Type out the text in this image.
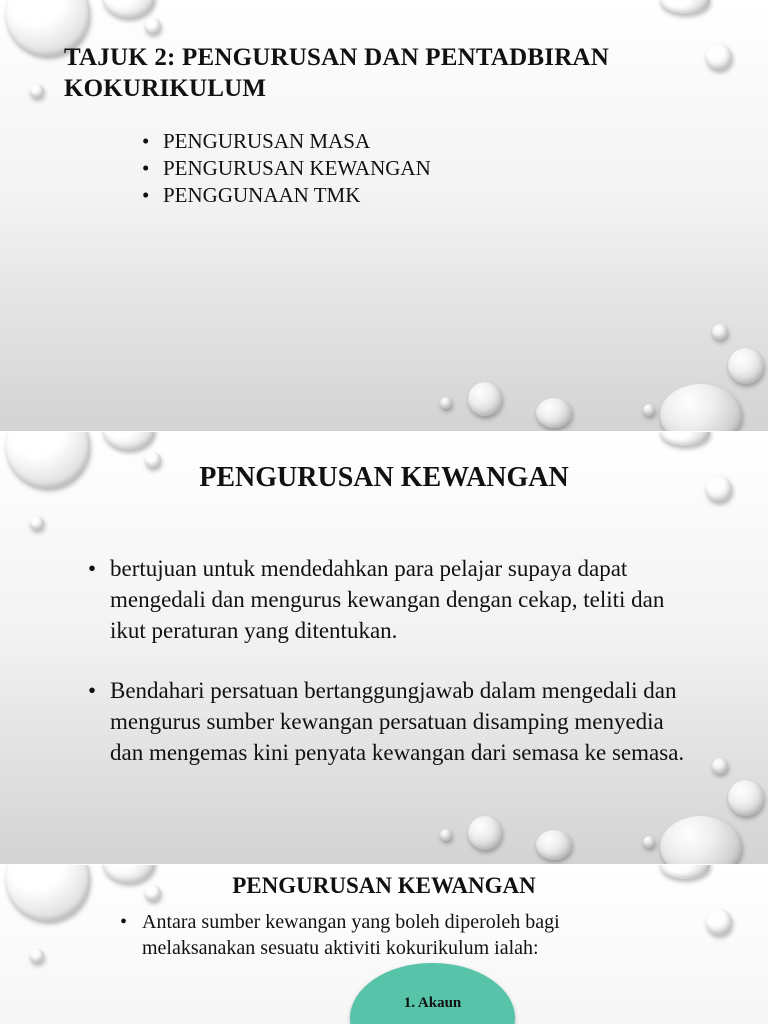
TAJUK 2: PENGURUSAN DAN PENTADBIRAN KOKURIKULUM
• PENGURUSAN MASA
• PENGURUSAN KEWANGAN
• PENGGUNAAN TMK
PENGURUSAN KEWANGAN
• bertujuan untuk mendedahkan para pelajar supaya dapat mengedali dan mengurus kewangan dengan cekap, teliti dan ikut peraturan yang ditentukan.
• Bendahari persatuan bertanggungjawab dalam mengedali dan mengurus sumber kewangan persatuan disamping menyedia dan mengemas kini penyata kewangan dari semasa ke semasa.
PENGURUSAN KEWANGAN
• Antara sumber kewangan yang boleh diperoleh bagi melaksanakan sesuatu aktiviti kokurikulum ialah:
1. Akaun
